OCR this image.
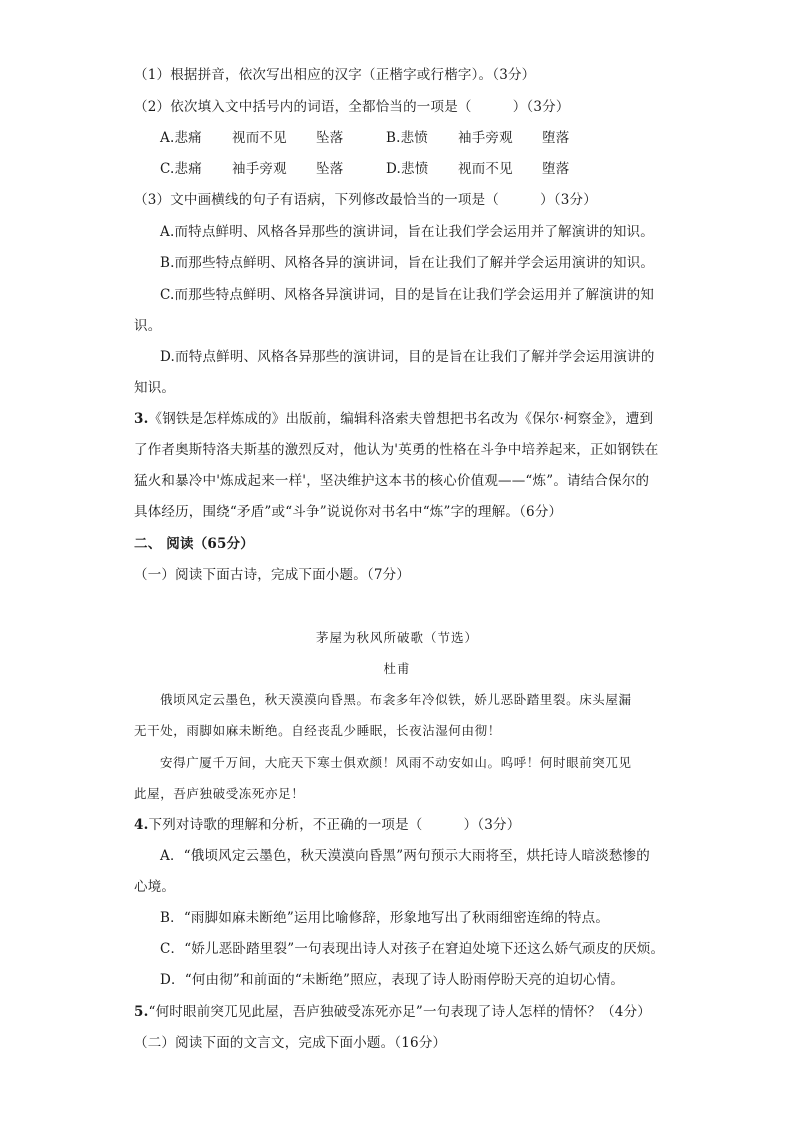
（1）根据拼音，依次写出相应的汉字（正楷字或行楷字）。（3分）
（2）依次填入文中括号内的词语，全都恰当的一项是（　　　）（3分）
A.悲痛 视而不见 坠落	B.悲愤 袖手旁观 堕落
C.悲痛 袖手旁观 坠落	D.悲愤 视而不见 堕落
（3）文中画横线的句子有语病，下列修改最恰当的一项是（　　　）（3分）
A.而特点鲜明、风格各异那些的演讲词，旨在让我们学会运用并了解演讲的知识。
B.而那些特点鲜明、风格各异的演讲词，旨在让我们了解并学会运用演讲的知识。
C.而那些特点鲜明、风格各异演讲词，目的是旨在让我们学会运用并了解演讲的知
识。
D.而特点鲜明、风格各异那些的演讲词，目的是旨在让我们了解并学会运用演讲的
知识。
3.《钢铁是怎样炼成的》出版前，编辑科洛索夫曾想把书名改为《保尔·柯察金》，遭到
了作者奥斯特洛夫斯基的激烈反对，他认为'英勇的性格在斗争中培养起来，正如钢铁在
猛火和暴冷中'炼成起来一样'，坚决维护这本书的核心价值观——“炼”。请结合保尔的
具体经历，围绕“矛盾”或“斗争”说说你对书名中“炼”字的理解。（6分）
二、 阅读（65分）
（一）阅读下面古诗，完成下面小题。（7分）
茅屋为秋风所破歌（节选）
杜甫
俄顷风定云墨色，秋天漠漠向昏黑。布衾多年冷似铁，娇儿恶卧踏里裂。床头屋漏
无干处，雨脚如麻未断绝。自经丧乱少睡眠，长夜沾湿何由彻！
安得广厦千万间，大庇天下寒士俱欢颜！风雨不动安如山。呜呼！何时眼前突兀见
此屋，吾庐独破受冻死亦足！
4.下列对诗歌的理解和分析，不正确的一项是（　　　）（3分）
A．“俄顷风定云墨色，秋天漠漠向昏黑”两句预示大雨将至，烘托诗人暗淡愁惨的
心境。
B．“雨脚如麻未断绝”运用比喻修辞，形象地写出了秋雨细密连绵的特点。
C．“娇儿恶卧踏里裂”一句表现出诗人对孩子在窘迫处境下还这么娇气顽皮的厌烦。
D．“何由彻”和前面的“未断绝”照应，表现了诗人盼雨停盼天亮的迫切心情。
5.“何时眼前突兀见此屋，吾庐独破受冻死亦足”一句表现了诗人怎样的情怀？（4分）
（二）阅读下面的文言文，完成下面小题。（16分）
